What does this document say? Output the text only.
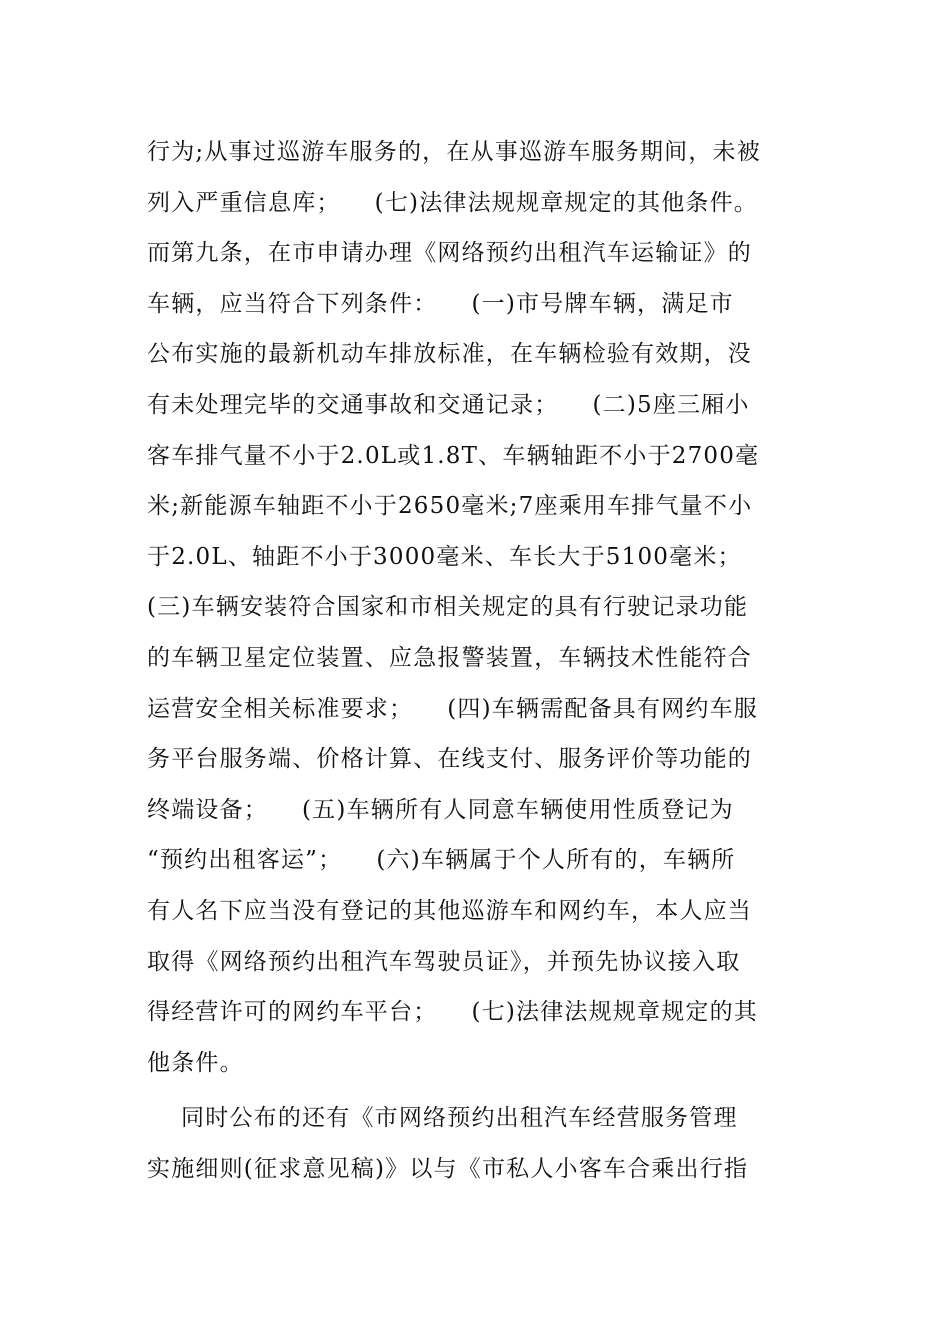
行为;从事过巡游车服务的，在从事巡游车服务期间，未被
列入严重信息库；    (七)法律法规规章规定的其他条件。
而第九条，在市申请办理《网络预约出租汽车运输证》的
车辆，应当符合下列条件：    (一)市号牌车辆，满足市
公布实施的最新机动车排放标准，在车辆检验有效期，没
有未处理完毕的交通事故和交通记录；    (二)5座三厢小
客车排气量不小于2.0L或1.8T、车辆轴距不小于2700毫
米;新能源车轴距不小于2650毫米;7座乘用车排气量不小
于2.0L、轴距不小于3000毫米、车长大于5100毫米；
(三)车辆安装符合国家和市相关规定的具有行驶记录功能
的车辆卫星定位装置、应急报警装置，车辆技术性能符合
运营安全相关标准要求；    (四)车辆需配备具有网约车服
务平台服务端、价格计算、在线支付、服务评价等功能的
终端设备；    (五)车辆所有人同意车辆使用性质登记为
“预约出租客运”；    (六)车辆属于个人所有的，车辆所
有人名下应当没有登记的其他巡游车和网约车，本人应当
取得《网络预约出租汽车驾驶员证》，并预先协议接入取
得经营许可的网约车平台；    (七)法律法规规章规定的其
他条件。
同时公布的还有《市网络预约出租汽车经营服务管理
实施细则(征求意见稿)》以与《市私人小客车合乘出行指
